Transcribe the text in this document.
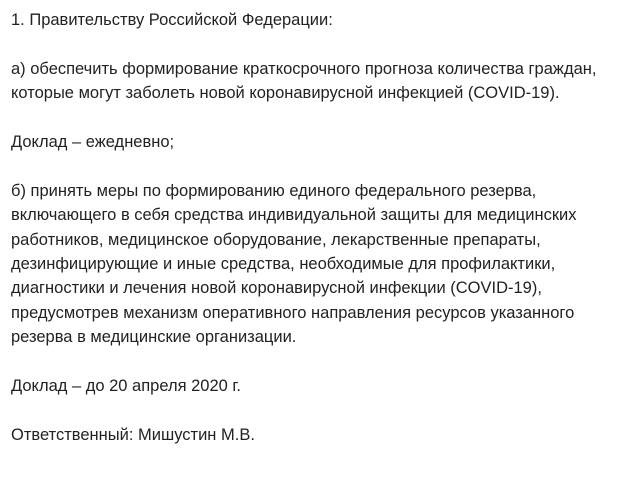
1. Правительству Российской Федерации:

а) обеспечить формирование краткосрочного прогноза количества граждан,
которые могут заболеть новой коронавирусной инфекцией (COVID-19).

Доклад – ежедневно;

б) принять меры по формированию единого федерального резерва,
включающего в себя средства индивидуальной защиты для медицинских
работников, медицинское оборудование, лекарственные препараты,
дезинфицирующие и иные средства, необходимые для профилактики,
диагностики и лечения новой коронавирусной инфекции (COVID-19),
предусмотрев механизм оперативного направления ресурсов указанного
резерва в медицинские организации.

Доклад – до 20 апреля 2020 г.

Ответственный: Мишустин М.В.
